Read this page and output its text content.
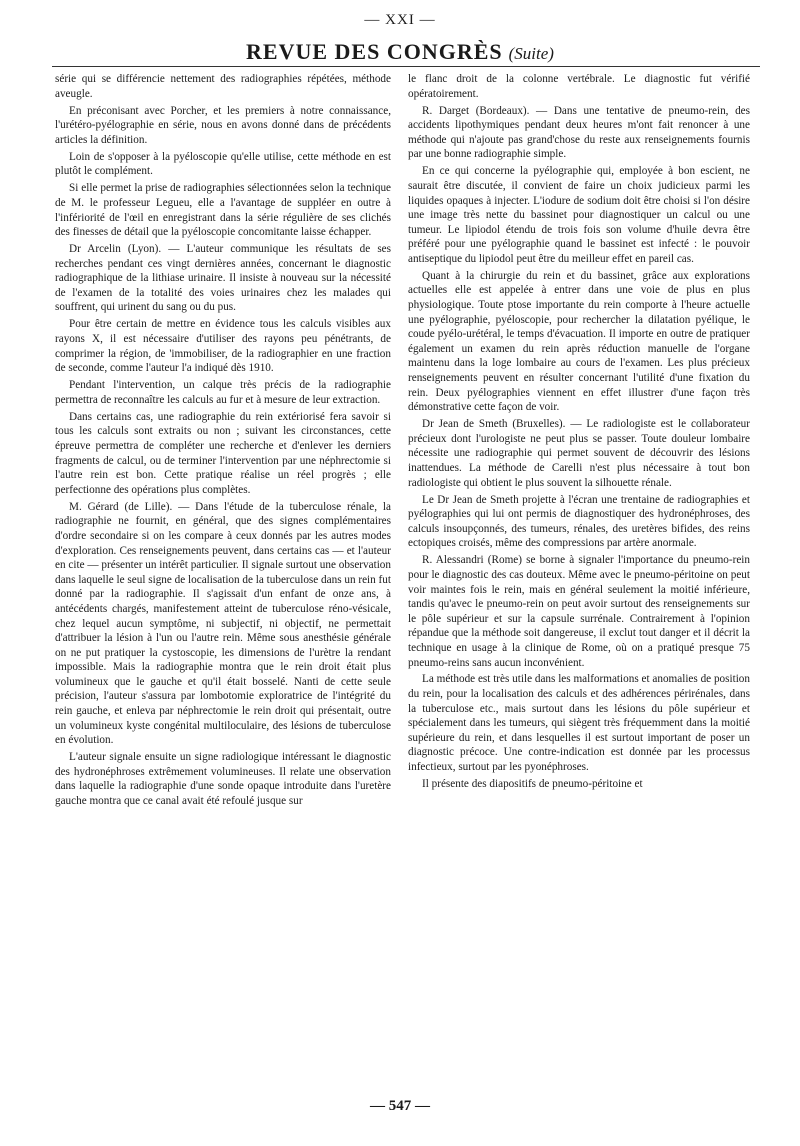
— XXI —
REVUE DES CONGRÈS (Suite)

série qui se différencie nettement des radiographies répétées, méthode aveugle.

En préconisant avec Porcher, et les premiers à notre connaissance, l'urétéro-pyélographie en série, nous en avons donné dans de précédents articles la définition.

Loin de s'opposer à la pyéloscopie qu'elle utilise, cette méthode en est plutôt le complément.

Si elle permet la prise de radiographies sélectionnées selon la technique de M. le professeur Legueu, elle a l'avantage de suppléer en outre à l'infériorité de l'œil en enregistrant dans la série régulière de ses clichés des finesses de détail que la pyéloscopie concomitante laisse échapper.

Dr Arcelin (Lyon). — L'auteur communique les résultats de ses recherches pendant ces vingt dernières années, concernant le diagnostic radiographique de la lithiase urinaire. Il insiste à nouveau sur la nécessité de l'examen de la totalité des voies urinaires chez les malades qui souffrent, qui urinent du sang ou du pus.

Pour être certain de mettre en évidence tous les calculs visibles aux rayons X, il est nécessaire d'utiliser des rayons peu pénétrants, de comprimer la région, de 'immobiliser, de la radiographier en une fraction de seconde, comme l'auteur l'a indiqué dès 1910.

Pendant l'intervention, un calque très précis de la radiographie permettra de reconnaître les calculs au fur et à mesure de leur extraction.

Dans certains cas, une radiographie du rein extériorisé fera savoir si tous les calculs sont extraits ou non ; suivant les circonstances, cette épreuve permettra de compléter une recherche et d'enlever les derniers fragments de calcul, ou de terminer l'intervention par une néphrectomie si l'autre rein est bon. Cette pratique réalise un réel progrès ; elle perfectionne des opérations plus complètes.

M. Gérard (de Lille). — Dans l'étude de la tuberculose rénale, la radiographie ne fournit, en général, que des signes complémentaires d'ordre secondaire si on les compare à ceux donnés par les autres modes d'exploration. Ces renseignements peuvent, dans certains cas — et l'auteur en cite — présenter un intérêt particulier. Il signale surtout une observation dans laquelle le seul signe de localisation de la tuberculose dans un rein fut donné par la radiographie. Il s'agissait d'un enfant de onze ans, à antécédents chargés, manifestement atteint de tuberculose réno-vésicale, chez lequel aucun symptôme, ni subjectif, ni objectif, ne permettait d'attribuer la lésion à l'un ou l'autre rein. Même sous anesthésie générale on ne put pratiquer la cystoscopie, les dimensions de l'urètre la rendant impossible. Mais la radiographie montra que le rein droit était plus volumineux que le gauche et qu'il était bosselé. Nanti de cette seule précision, l'auteur s'assura par lombotomie exploratrice de l'intégrité du rein gauche, et enleva par néphrectomie le rein droit qui présentait, outre un volumineux kyste congénital multiloculaire, des lésions de tuberculose en évolution.

L'auteur signale ensuite un signe radiologique intéressant le diagnostic des hydronéphroses extrêmement volumineuses. Il relate une observation dans laquelle la radiographie d'une sonde opaque introduite dans l'uretère gauche montra que ce canal avait été refoulé jusque sur

le flanc droit de la colonne vertébrale. Le diagnostic fut vérifié opératoirement.

R. Darget (Bordeaux). — Dans une tentative de pneumo-rein, des accidents lipothymiques pendant deux heures m'ont fait renoncer à une méthode qui n'ajoute pas grand'chose du reste aux renseignements fournis par une bonne radiographie simple.

En ce qui concerne la pyélographie qui, employée à bon escient, ne saurait être discutée, il convient de faire un choix judicieux parmi les liquides opaques à injecter. L'iodure de sodium doit être choisi si l'on désire une image très nette du bassinet pour diagnostiquer un calcul ou une tumeur. Le lipiodol étendu de trois fois son volume d'huile devra être préféré pour une pyélographie quand le bassinet est infecté : le pouvoir antiseptique du lipiodol peut être du meilleur effet en pareil cas.

Quant à la chirurgie du rein et du bassinet, grâce aux explorations actuelles elle est appelée à entrer dans une voie de plus en plus physiologique. Toute ptose importante du rein comporte à l'heure actuelle une pyélographie, pyéloscopie, pour rechercher la dilatation pyélique, le coude pyélo-urétéral, le temps d'évacuation. Il importe en outre de pratiquer également un examen du rein après réduction manuelle de l'organe maintenu dans la loge lombaire au cours de l'examen. Les plus précieux renseignements peuvent en résulter concernant l'utilité d'une fixation du rein. Deux pyélographies viennent en effet illustrer d'une façon très démonstrative cette façon de voir.

Dr Jean de Smeth (Bruxelles). — Le radiologiste est le collaborateur précieux dont l'urologiste ne peut plus se passer. Toute douleur lombaire nécessite une radiographie qui permet souvent de découvrir des lésions inattendues. La méthode de Carelli n'est plus nécessaire à tout bon radiologiste qui obtient le plus souvent la silhouette rénale.

Le Dr Jean de Smeth projette à l'écran une trentaine de radiographies et pyélographies qui lui ont permis de diagnostiquer des hydronéphroses, des calculs insoupçonnés, des tumeurs, rénales, des uretères bifides, des reins ectopiques croisés, même des compressions par artère anormale.

R. Alessandri (Rome) se borne à signaler l'importance du pneumo-rein pour le diagnostic des cas douteux. Même avec le pneumo-péritoine on peut voir maintes fois le rein, mais en général seulement la moitié inférieure, tandis qu'avec le pneumo-rein on peut avoir surtout des renseignements sur le pôle supérieur et sur la capsule surrénale. Contrairement à l'opinion répandue que la méthode soit dangereuse, il exclut tout danger et il décrit la technique en usage à la clinique de Rome, où on a pratiqué presque 75 pneumo-reins sans aucun inconvénient.

La méthode est très utile dans les malformations et anomalies de position du rein, pour la localisation des calculs et des adhérences périrénales, dans la tuberculose etc., mais surtout dans les lésions du pôle supérieur et spécialement dans les tumeurs, qui siègent très fréquemment dans la moitié supérieure du rein, et dans lesquelles il est surtout important de poser un diagnostic précoce. Une contre-indication est donnée par les processus infectieux, surtout par les pyonéphroses.

Il présente des diapositifs de pneumo-péritoine et

— 547 —
